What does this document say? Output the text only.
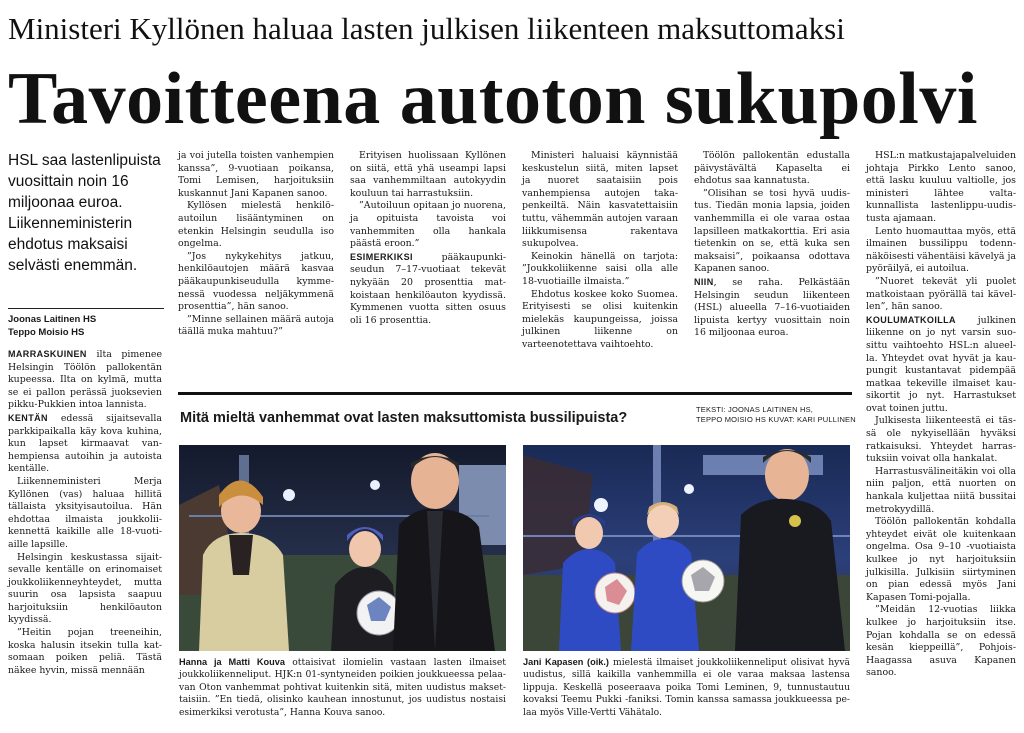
Ministeri Kyllönen haluaa lasten julkisen liikenteen maksuttomaksi
Tavoitteena autoton sukupolvi
HSL saa lastenlipuista vuosittain noin 16 miljoonaa euroa. Liikenneministerin ehdotus maksaisi selvästi enemmän.
Joonas Laitinen HS
Teppo Moisio HS

MARRASKUINEN ilta pimenee Helsingin Töölön pallokentän kupeessa. Ilta on kylmä, mutta se ei pallon perässä juoksevien pikku-Pukkien intoa lannista.

KENTÄN edessä sijaitsevalla parkkipaikalla käy kova kuhina, kun lapset kirmaavat vanhempiensa autoihin ja autoista kentälle.

Liikenneministeri Merja Kyllönen (vas) haluaa hillitä tällaista yksityisautoilua. Hän ehdottaa ilmaista joukkoliikennettä kaikille alle 18-vuotiaille lapsille.

Helsingin keskustassa sijaitsevalle kentälle on erinomaiset joukkoliikenneyhteydet, mutta suurin osa lapsista saapuu harjoituksiin henkilöauton kyydissä.

”Heitin pojan treeneihin, koska halusin itsekin tulla katsomaan poiken peliä. Tästä näkee hyvin, missä mennään

ja voi jutella toisten vanhempien kanssa”, 9-vuotiaan poikansa, Tomi Lemisen, harjoituksiin kuskannut Jani Kapanen sanoo.

Kyllösen mielestä henkilöautoilun lisääntyminen on etenkin Helsingin seudulla iso ongelma.

”Jos nykykehitys jatkuu, henkilöautojen määrä kasvaa pääkaupunkiseudulla kymmenessä vuodessa neljäkymmenä prosenttia”, hän sanoo.

”Minne sellainen määrä autoja täällä muka mahtuu?”

Erityisen huolissaan Kyllönen on siitä, että yhä useampi lapsi saa vanhemmiltaan autokyydin kouluun tai harrastuksiin.

”Autoiluun opitaan jo nuorena, ja opituista tavoista voi vanhemmiten olla hankala päästä eroon.”

ESIMERKIKSI pääkaupunkiseudun 7–17-vuotiaat tekevät nykyään 20 prosenttia matkoistaan henkilöauton kyydissä. Kymmenen vuotta sitten osuus oli 16 prosenttia.

Ministeri haluaisi käynnistää keskustelun siitä, miten lapset ja nuoret saataisiin pois vanhempiensa autojen takapenkeiltä. Näin kasvatettaisiin tuttu, vähemmän autojen varaan liikkumisensa rakentava sukupolvea.

Keinokin hänellä on tarjota: ”Joukkoliikenne saisi olla alle 18-vuotiaille ilmaista.”

Ehdotus koskee koko Suomea. Erityisesti se olisi kuitenkin mielekäs kaupungeissa, joissa julkinen liikenne on varteenotettava vaihtoehto.

Töölön pallokentän edustalla päivystävältä Kapaselta ei ehdotus saa kannatusta.

”Olisihan se tosi hyvä uudistus. Tiedän monia lapsia, joiden vanhemmilla ei ole varaa ostaa lapsilleen matkakorttia. Eri asia tietenkin on se, että kuka sen maksaisi”, poikaansa odottava Kapanen sanoo.

NIIN, se raha. Pelkästään Helsingin seudun liikenteen (HSL) alueella 7–16-vuotiaiden lipuista kertyy vuosittain noin 16 miljoonaa euroa.

HSL:n matkustajapalveluiden johtaja Pirkko Lento sanoo, että lasku kuuluu valtiolle, jos ministeri lähtee valtakunnallista lastenlippu-uudistusta ajamaan.

Lento huomauttaa myös, että ilmainen bussilippu todennnäköisesti vähentäisi kävelyä ja pyöräilyä, ei autoilua.

”Nuoret tekevät yli puolet matkoistaan pyörällä tai kävellen”, hän sanoo.

KOULUMATKOILLA julkinen liikenne on jo nyt varsin suosittu vaihtoehto HSL:n alueella. Yhteydet ovat hyvät ja kaupungit kustantavat pidempää matkaa tekeville ilmaiset kausikortit jo nyt. Harrastukset ovat toinen juttu.

Julkisesta liikenteestä ei tässä ole nykyisellään hyväksi ratkaisuksi. Yhteydet harrastuksiin voivat olla hankalat.

Harrastusvälineitäkin voi olla niin paljon, että nuorten on hankala kuljettaa niitä bussitai metrokyydillä.

Töölön pallokentän kohdalla yhteydet eivät ole kuitenkaan ongelma. Osa 9–10 -vuotiaista kulkee jo nyt harjoituksiin julkisilla. Julkisiin siirtyminen on pian edessä myös Jani Kapasen Tomi-pojalla.

”Meidän 12-vuotias liikka kulkee jo harjoituksiin itse. Pojan kohdalla se on edessä kesän kieppeillä”, Pohjois-Haagassa asuva Kapanen sanoo.

Mitä mieltä vanhemmat ovat lasten maksuttomista bussilipuista?
TEKSTI: JOONAS LAITINEN HS,
TEPPO MOISIO HS KUVAT: KARI PULLINEN
Hanna ja Matti Kouva ottaisivat ilomielin vastaan lasten ilmaiset joukkoliikenneliput. HJK:n 01-syntyneiden poikien joukkueessa pelaavan Oton vanhemmat pohtivat kuitenkin sitä, miten uudistus maksettaisiin. ”En tiedä, olisinko kauhean innostunut, jos uudistus nostaisi esimerkiksi verotusta”, Hanna Kouva sanoo.
Jani Kapasen (oik.) mielestä ilmaiset joukkoliikenneliput olisivat hyvä uudistus, sillä kaikilla vanhemmilla ei ole varaa maksaa lastensa lippuja. Keskellä poseeraava poika Tomi Leminen, 9, tunnustautuu kovaksi Teemu Pukki -faniksi. Tomin kanssa samassa joukkueessa pelaa myös Ville-Vertti Vähätalo.
